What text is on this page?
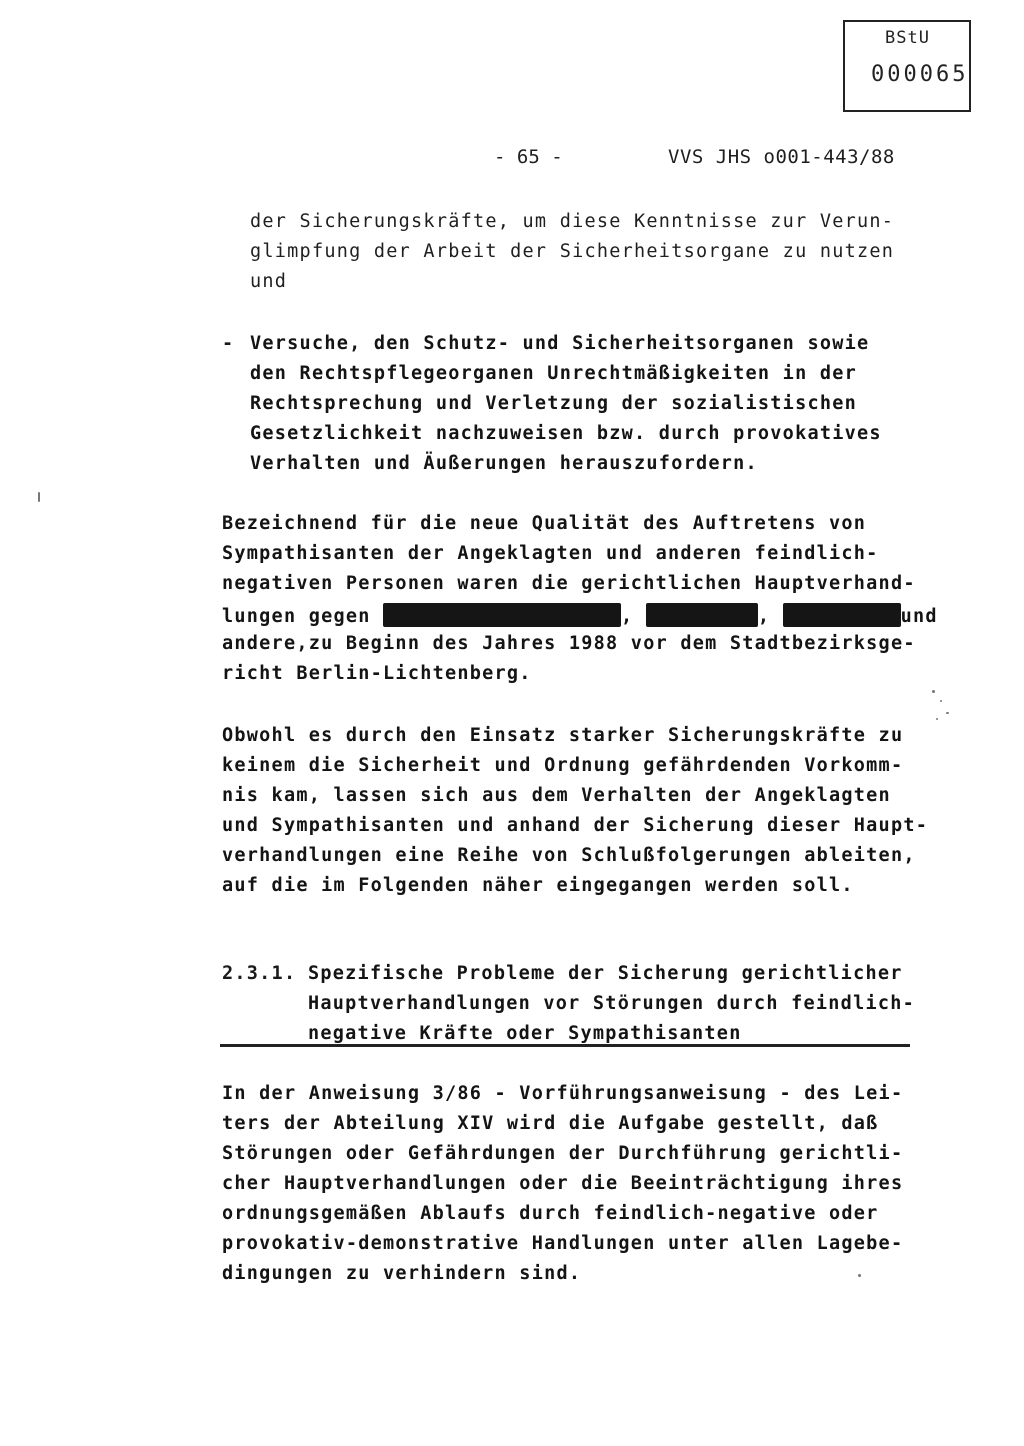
BStU
000065
- 65 -	VVS JHS o001-443/88
der Sicherungskräfte, um diese Kenntnisse zur Verun-
glimpfung der Arbeit der Sicherheitsorgane zu nutzen
und
- Versuche, den Schutz- und Sicherheitsorganen sowie
den Rechtspflegeorganen Unrechtmäßigkeiten in der
Rechtsprechung und Verletzung der sozialistischen
Gesetzlichkeit nachzuweisen bzw. durch provokatives
Verhalten und Äußerungen herauszufordern.
Bezeichnend für die neue Qualität des Auftretens von
Sympathisanten der Angeklagten und anderen feindlich-
negativen Personen waren die gerichtlichen Hauptverhand-
lungen gegen	,	,	und
andere,zu Beginn des Jahres 1988 vor dem Stadtbezirksge-
richt Berlin-Lichtenberg.
Obwohl es durch den Einsatz starker Sicherungskräfte zu
keinem die Sicherheit und Ordnung gefährdenden Vorkomm-
nis kam, lassen sich aus dem Verhalten der Angeklagten
und Sympathisanten und anhand der Sicherung dieser Haupt-
verhandlungen eine Reihe von Schlußfolgerungen ableiten,
auf die im Folgenden näher eingegangen werden soll.
2.3.1. Spezifische Probleme der Sicherung gerichtlicher
Hauptverhandlungen vor Störungen durch feindlich-
negative Kräfte oder Sympathisanten
In der Anweisung 3/86 - Vorführungsanweisung - des Lei-
ters der Abteilung XIV wird die Aufgabe gestellt, daß
Störungen oder Gefährdungen der Durchführung gerichtli-
cher Hauptverhandlungen oder die Beeinträchtigung ihres
ordnungsgemäßen Ablaufs durch feindlich-negative oder
provokativ-demonstrative Handlungen unter allen Lagebe-
dingungen zu verhindern sind.
